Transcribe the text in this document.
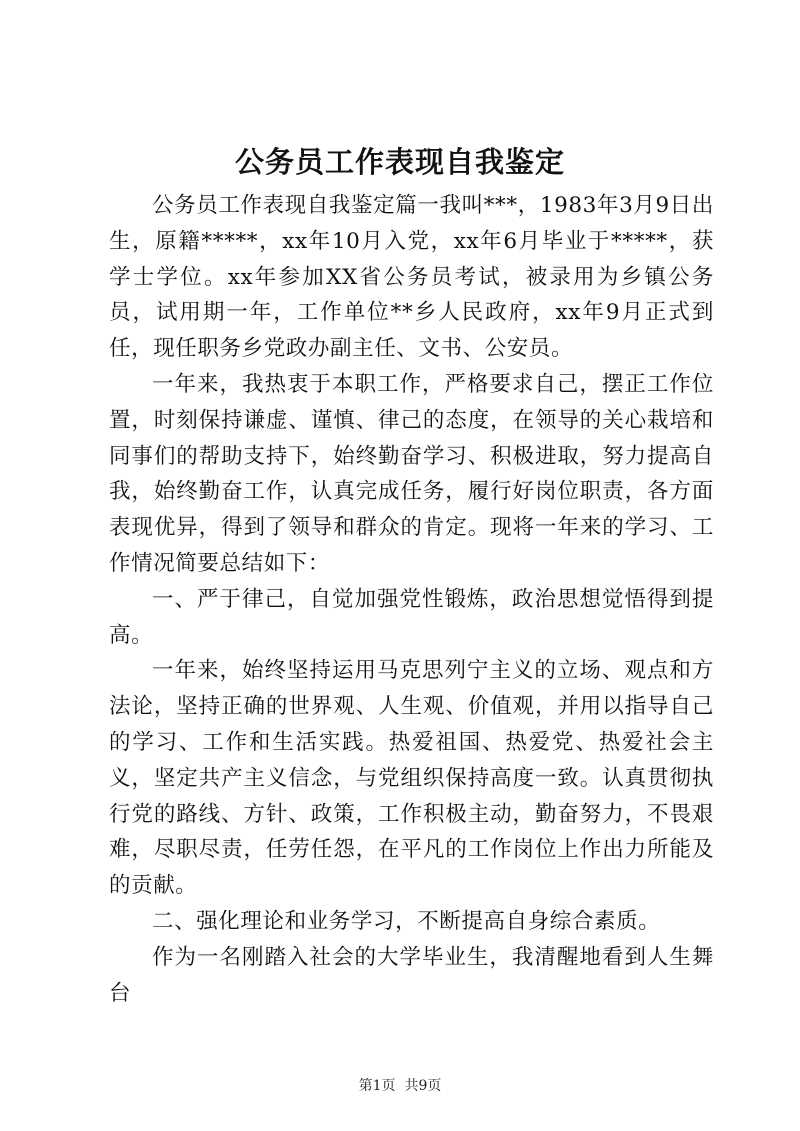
公务员工作表现自我鉴定

公务员工作表现自我鉴定篇一我叫***，1983年3月9日出生，原籍*****，xx年10月入党，xx年6月毕业于*****，获学士学位。xx年参加XX省公务员考试，被录用为乡镇公务员，试用期一年，工作单位**乡人民政府，xx年9月正式到任，现任职务乡党政办副主任、文书、公安员。

一年来，我热衷于本职工作，严格要求自己，摆正工作位置，时刻保持谦虚、谨慎、律己的态度，在领导的关心栽培和同事们的帮助支持下，始终勤奋学习、积极进取，努力提高自我，始终勤奋工作，认真完成任务，履行好岗位职责，各方面表现优异，得到了领导和群众的肯定。现将一年来的学习、工作情况简要总结如下：

一、严于律己，自觉加强党性锻炼，政治思想觉悟得到提高。

一年来，始终坚持运用马克思列宁主义的立场、观点和方法论，坚持正确的世界观、人生观、价值观，并用以指导自己的学习、工作和生活实践。热爱祖国、热爱党、热爱社会主义，坚定共产主义信念，与党组织保持高度一致。认真贯彻执行党的路线、方针、政策，工作积极主动，勤奋努力，不畏艰难，尽职尽责，任劳任怨，在平凡的工作岗位上作出力所能及的贡献。

二、强化理论和业务学习，不断提高自身综合素质。

作为一名刚踏入社会的大学毕业生，我清醒地看到人生舞台

第1页 共9页
